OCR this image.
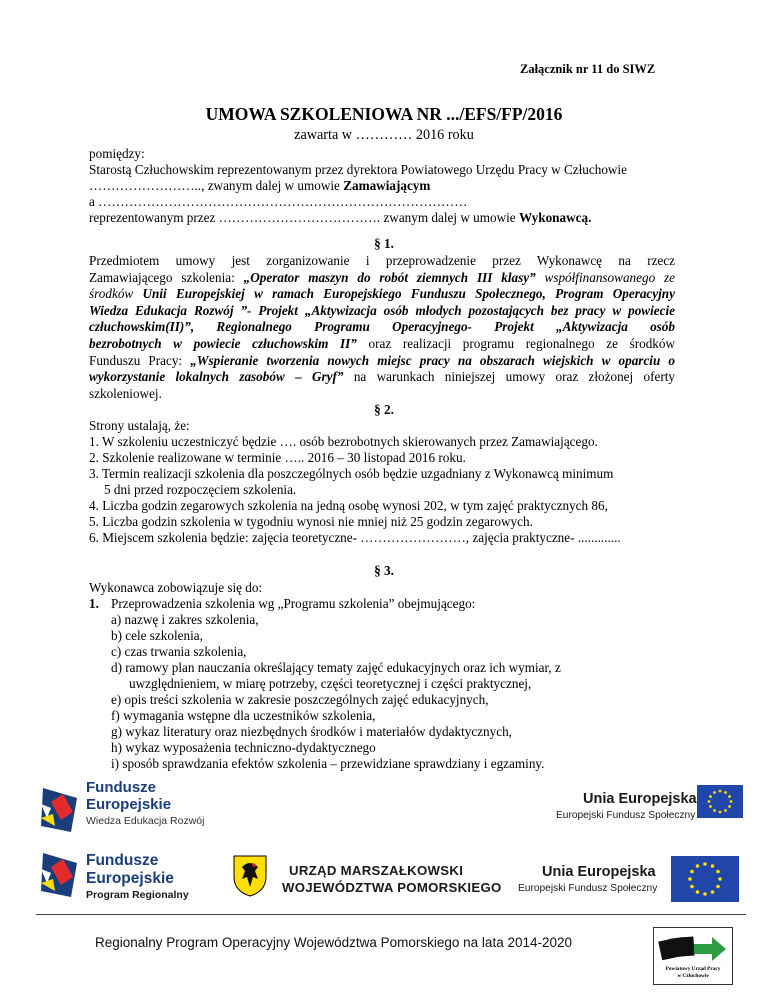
Załącznik nr 11 do SIWZ
UMOWA SZKOLENIOWA NR .../EFS/FP/2016
zawarta w ………… 2016 roku
pomiędzy:
Starostą Człuchowskim reprezentowanym przez dyrektora Powiatowego Urzędu Pracy w Człuchowie
…………………….., zwanym dalej w umowie Zamawiającym
a …………………………………………………………………………
reprezentowanym przez ………………………………. zwanym dalej w umowie Wykonawcą.
§ 1.
Przedmiotem umowy jest zorganizowanie i przeprowadzenie przez Wykonawcę na rzecz
Zamawiającego szkolenia: „Operator maszyn do robót ziemnych III klasy” współfinansowanego ze
środków Unii Europejskiej w ramach Europejskiego Funduszu Społecznego, Program Operacyjny
Wiedza Edukacja Rozwój ”- Projekt „Aktywizacja osób młodych pozostających bez pracy w powiecie
człuchowskim(II)”, Regionalnego Programu Operacyjnego- Projekt „Aktywizacja osób
bezrobotnych w powiecie człuchowskim II” oraz realizacji programu regionalnego ze środków
Funduszu Pracy: „Wspieranie tworzenia nowych miejsc pracy na obszarach wiejskich w oparciu o
wykorzystanie lokalnych zasobów – Gryf” na warunkach niniejszej umowy oraz złożonej oferty
szkoleniowej.
§ 2.
Strony ustalają, że:
1. W szkoleniu uczestniczyć będzie …. osób bezrobotnych skierowanych przez Zamawiającego.
2. Szkolenie realizowane w terminie ….. 2016 – 30 listopad 2016 roku.
3. Termin realizacji szkolenia dla poszczególnych osób będzie uzgadniany z Wykonawcą minimum
5 dni przed rozpoczęciem szkolenia.
4. Liczba godzin zegarowych szkolenia na jedną osobę wynosi 202, w tym zajęć praktycznych 86,
5. Liczba godzin szkolenia w tygodniu wynosi nie mniej niż 25 godzin zegarowych.
6. Miejscem szkolenia będzie: zajęcia teoretyczne- ……………………, zajęcia praktyczne- .............
§ 3.
Wykonawca zobowiązuje się do:
1. Przeprowadzenia szkolenia wg „Programu szkolenia” obejmującego:
a) nazwę i zakres szkolenia,
b) cele szkolenia,
c) czas trwania szkolenia,
d) ramowy plan nauczania określający tematy zajęć edukacyjnych oraz ich wymiar, z
uwzględnieniem, w miarę potrzeby, części teoretycznej i części praktycznej,
e) opis treści szkolenia w zakresie poszczególnych zajęć edukacyjnych,
f) wymagania wstępne dla uczestników szkolenia,
g) wykaz literatury oraz niezbędnych środków i materiałów dydaktycznych,
h) wykaz wyposażenia techniczno-dydaktycznego
i) sposób sprawdzania efektów szkolenia – przewidziane sprawdziany i egzaminy.
Fundusze
Europejskie
Wiedza Edukacja Rozwój
Unia Europejska
Europejski Fundusz Społeczny
Fundusze
Europejskie
Program Regionalny
URZĄD MARSZAŁKOWSKI
WOJEWÓDZTWA POMORSKIEGO
Unia Europejska
Europejski Fundusz Społeczny
Regionalny Program Operacyjny Województwa Pomorskiego na lata 2014-2020
Powiatowy Urząd Pracy
w Człuchowie
